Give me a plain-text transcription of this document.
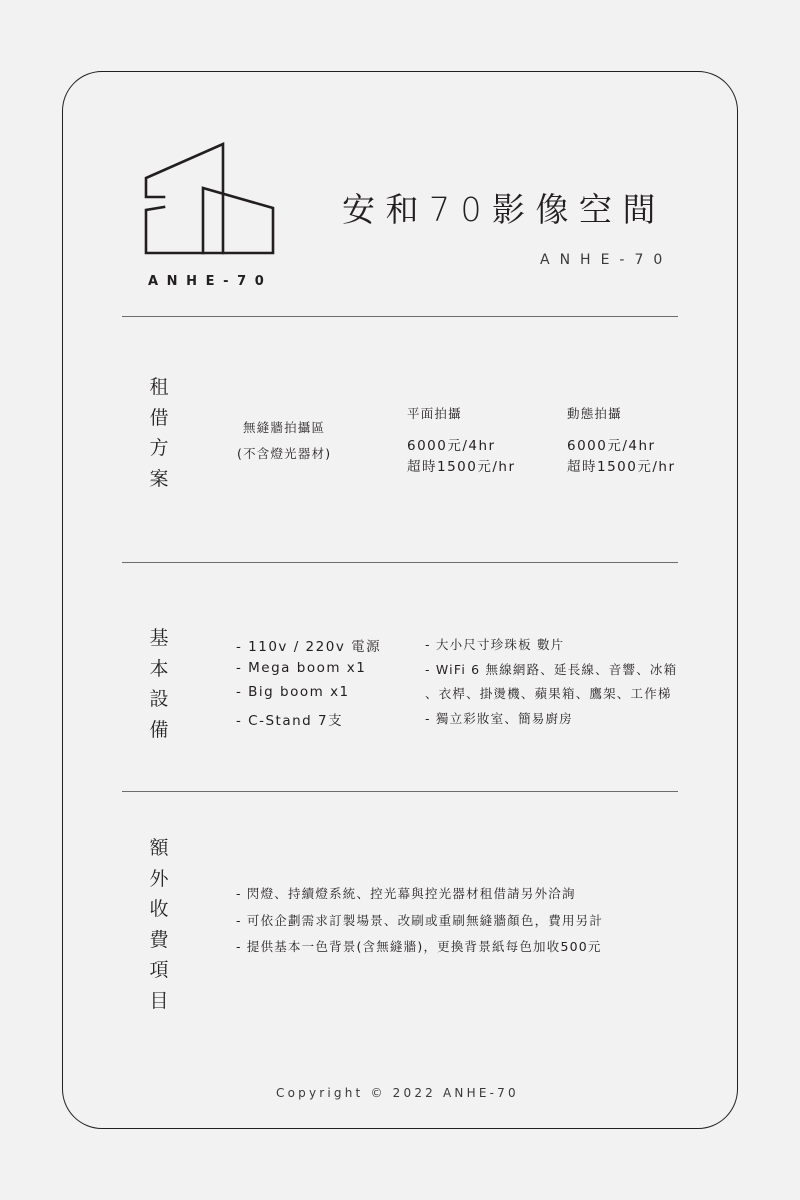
ANHE-70
安和70影像空間
ANHE-70
租借方案
無縫牆拍攝區
(不含燈光器材)
平面拍攝
6000元/4hr
超時1500元/hr
動態拍攝
6000元/4hr
超時1500元/hr
基本設備
- 110v / 220v 電源
- Mega boom x1
- Big boom x1
- C-Stand 7支
- 大小尺寸珍珠板 數片
- WiFi 6 無線網路、延長線、音響、冰箱
、衣桿、掛燙機、蘋果箱、鷹架、工作梯
- 獨立彩妝室、簡易廚房
額外收費項目
- 閃燈、持續燈系統、控光幕與控光器材租借請另外洽詢
- 可依企劃需求訂製場景、改刷或重刷無縫牆顏色，費用另計
- 提供基本一色背景(含無縫牆)，更換背景紙每色加收500元
Copyright © 2022 ANHE-70
